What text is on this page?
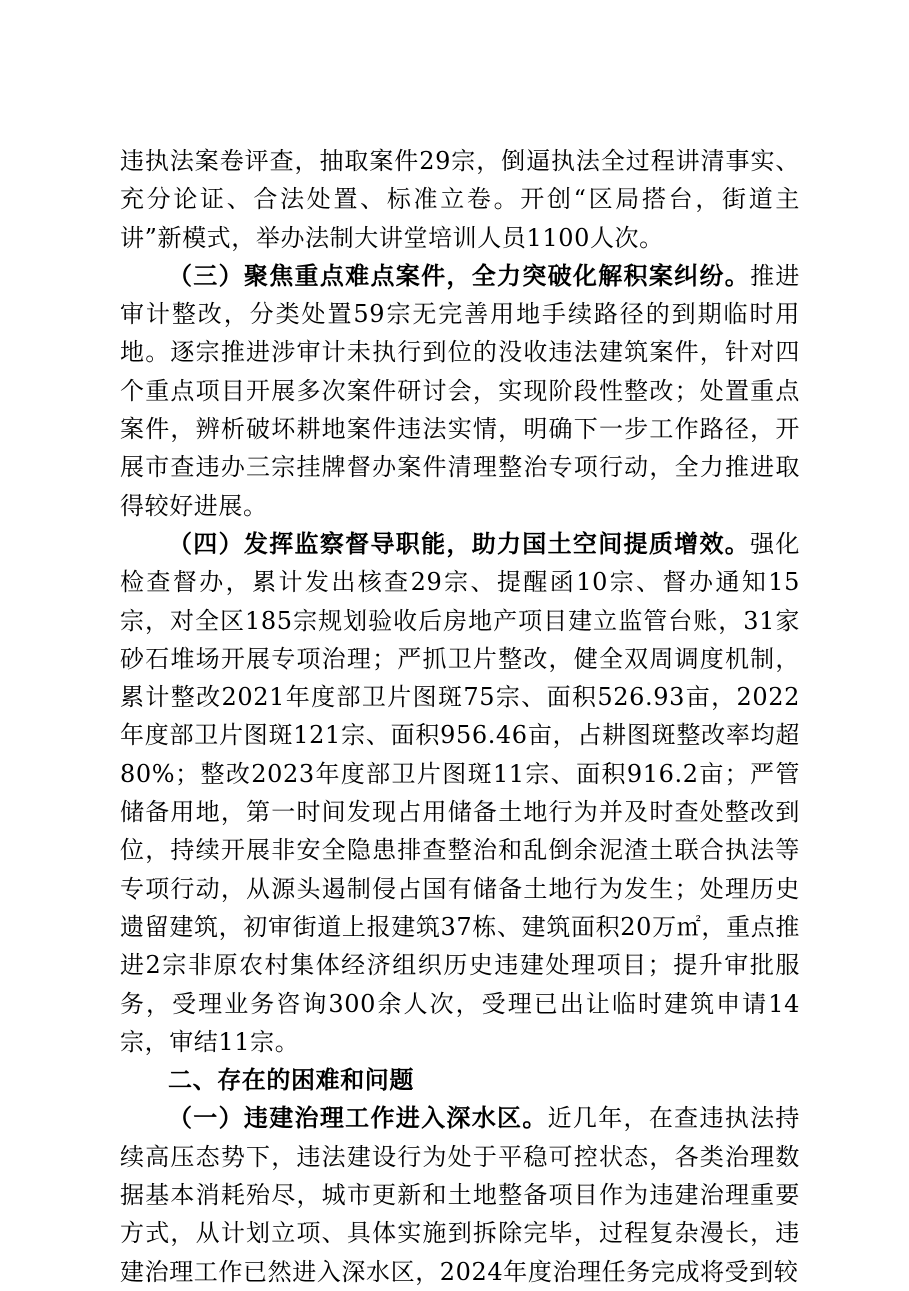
违执法案卷评查，抽取案件29宗，倒逼执法全过程讲清事实、充分论证、合法处置、标准立卷。开创“区局搭台，街道主讲”新模式，举办法制大讲堂培训人员1100人次。

（三）聚焦重点难点案件，全力突破化解积案纠纷。推进审计整改，分类处置59宗无完善用地手续路径的到期临时用地。逐宗推进涉审计未执行到位的没收违法建筑案件，针对四个重点项目开展多次案件研讨会，实现阶段性整改；处置重点案件，辨析破坏耕地案件违法实情，明确下一步工作路径，开展市查违办三宗挂牌督办案件清理整治专项行动，全力推进取得较好进展。

（四）发挥监察督导职能，助力国土空间提质增效。强化检查督办，累计发出核查29宗、提醒函10宗、督办通知15宗，对全区185宗规划验收后房地产项目建立监管台账，31家砂石堆场开展专项治理；严抓卫片整改，健全双周调度机制，累计整改2021年度部卫片图斑75宗、面积526.93亩，2022年度部卫片图斑121宗、面积956.46亩，占耕图斑整改率均超80%；整改2023年度部卫片图斑11宗、面积916.2亩；严管储备用地，第一时间发现占用储备土地行为并及时查处整改到位，持续开展非安全隐患排查整治和乱倒余泥渣土联合执法等专项行动，从源头遏制侵占国有储备土地行为发生；处理历史遗留建筑，初审街道上报建筑37栋、建筑面积20万㎡，重点推进2宗非原农村集体经济组织历史违建处理项目；提升审批服务，受理业务咨询300余人次，受理已出让临时建筑申请14宗，审结11宗。

二、存在的困难和问题

（一）违建治理工作进入深水区。近几年，在查违执法持续高压态势下，违法建设行为处于平稳可控状态，各类治理数据基本消耗殆尽，城市更新和土地整备项目作为违建治理重要方式，从计划立项、具体实施到拆除完毕，过程复杂漫长，违建治理工作已然进入深水区，2024年度治理任务完成将受到较
